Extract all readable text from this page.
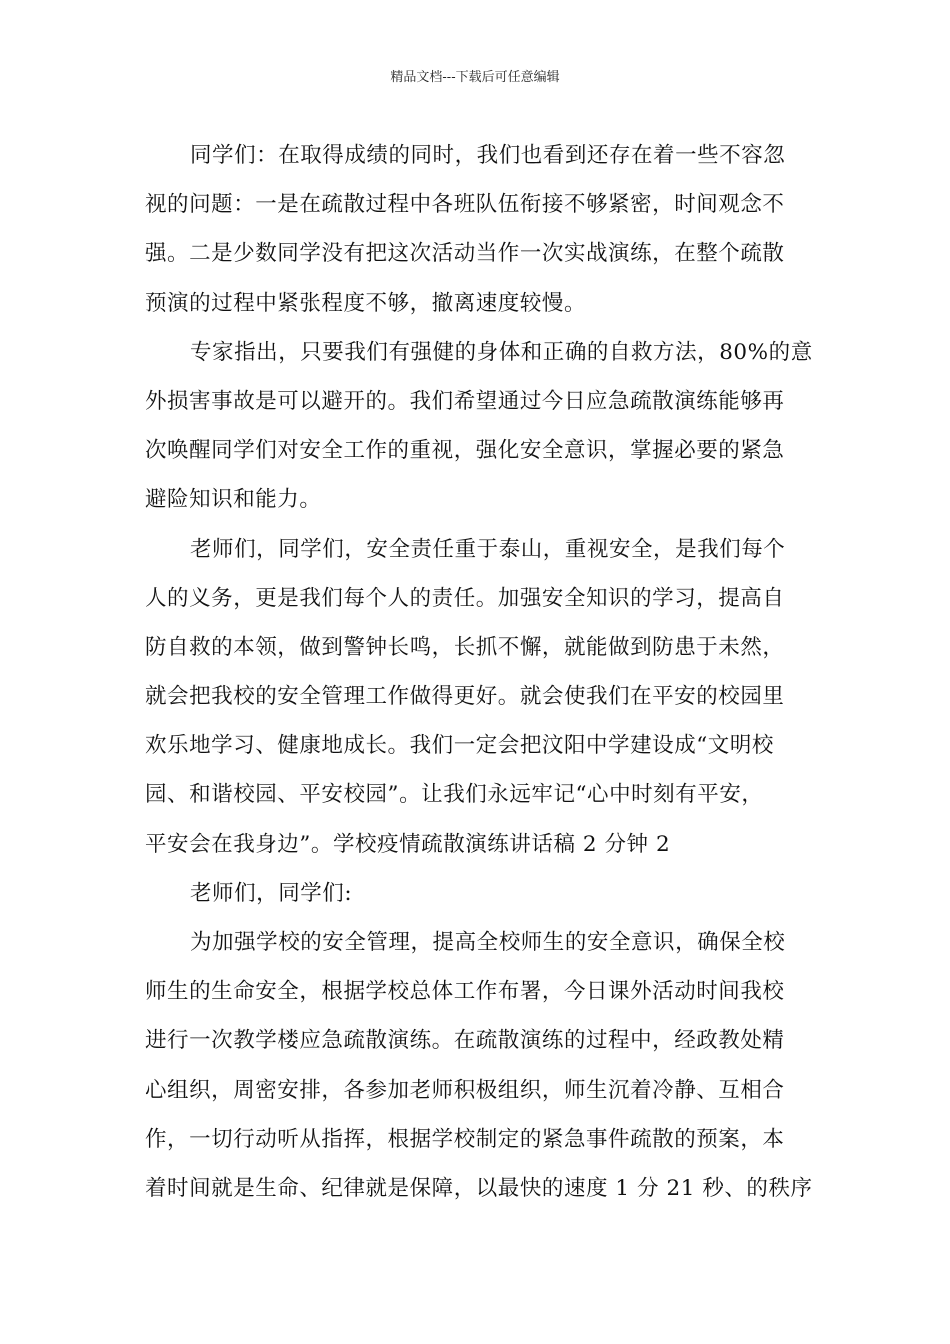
精品文档---下载后可任意编辑
同学们：在取得成绩的同时，我们也看到还存在着一些不容忽
视的问题：一是在疏散过程中各班队伍衔接不够紧密，时间观念不
强。二是少数同学没有把这次活动当作一次实战演练，在整个疏散
预演的过程中紧张程度不够，撤离速度较慢。
专家指出，只要我们有强健的身体和正确的自救方法，80%的意
外损害事故是可以避开的。我们希望通过今日应急疏散演练能够再
次唤醒同学们对安全工作的重视，强化安全意识，掌握必要的紧急
避险知识和能力。
老师们，同学们，安全责任重于泰山，重视安全，是我们每个
人的义务，更是我们每个人的责任。加强安全知识的学习，提高自
防自救的本领，做到警钟长鸣，长抓不懈，就能做到防患于未然，
就会把我校的安全管理工作做得更好。就会使我们在平安的校园里
欢乐地学习、健康地成长。我们一定会把汶阳中学建设成“文明校
园、和谐校园、平安校园”。让我们永远牢记“心中时刻有平安，
平安会在我身边”。学校疫情疏散演练讲话稿 2 分钟 2
老师们，同学们:
为加强学校的安全管理，提高全校师生的安全意识，确保全校
师生的生命安全，根据学校总体工作布署，今日课外活动时间我校
进行一次教学楼应急疏散演练。在疏散演练的过程中，经政教处精
心组织，周密安排，各参加老师积极组织，师生沉着冷静、互相合
作，一切行动听从指挥，根据学校制定的紧急事件疏散的预案，本
着时间就是生命、纪律就是保障，以最快的速度 1 分 21 秒、的秩序
